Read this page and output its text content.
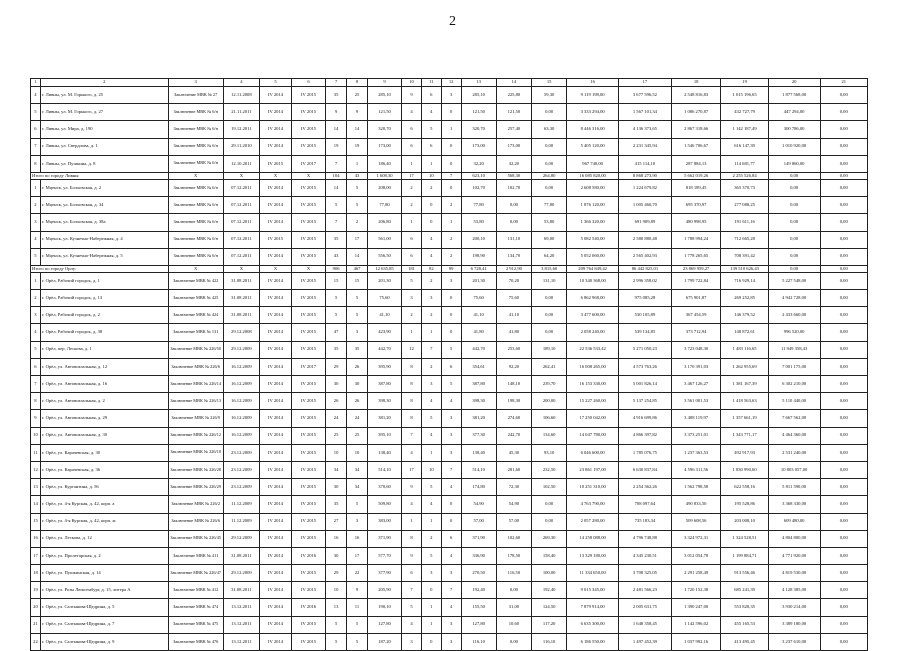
2
1	2	3	4	5	6	7	8	9	10	11	12	13	14	15	16	17	18	19	20	21
4	г. Ливны, ул. М. Горького, д. 25	Заключение МВК № 27	12.11.2008	IV 2014	IV 2015	35	25	285,10	9	6	3	285,10	225,80	59,30	9 119 198,00	3 677 596,52	2 548 816,83	1 015 196,65	1 877 568,00	0,00
5	г. Ливны, ул. М. Горького, д. 27	Заключение МВК № 6/н	21.11.2011	IV 2014	IV 2015	9	9	121,50	4	4	0	121,50	121,50	0,00	3 333 294,00	1 567 101,34	1 086 270,87	432 727,79	447 294,00	0,00
6	г. Ливны, ул. Мира, д. 190	Заключение МВК № 6/н	19.12.2011	IV 2014	IV 2015	14	14	320,70	6	5	1	320,70	257,40	63,30	8 446 316,00	4 136 373,65	2 867 318,66	1 142 187,49	300 786,00	0,00
7	г. Ливны, ул. Свердлова, д. 1	Заключение МВК № 6/н	29.11.2010	IV 2014	IV 2015	19	19	173,00	6	6	0	173,00	173,00	0,00	5 405 120,00	2 231 345,94	1 546 706,67	616 147,39	1 010 920,00	0,00
8	г. Ливны, ул. Пушкина, д. 8	Заключение МВК № 6/н	12.10.2011	IV 2015	IV 2017	7	1	186,40	1	1	0	32,20	32,20	0,00	967 740,00	415 114,10	287 884,13	114 681,77	149 860,00	0,00
Итого по городу Ливны:		X	X	X	X	104	43	1 608,30	17	10	7	623,10	568,30	264,80	16 085 820,00	8 868 273,90	5 662 019,26	2 255 526,84	0,00	0,00
1	г. Мценск, ул. Болховская, д. 2	Заключение МВК № 6/н	07.12.2011	IV 2014	IV 2015	14	5	208,00	2	2	0	102,70	102,70	0,00	2 608 580,00	1 224 679,82	818 189,45	365 370,73	0,00	0,00
2	г. Мценск, ул. Болховская, д. 34	Заключение МВК № 6/н	07.12.2011	IV 2014	IV 2015	5	5	77,80	2	0	2	77,80	0,00	77,80	1 876 120,00	1 005 460,70	695 370,97	277 088,25	0,00	0,00
3	г. Мценск, ул. Болховская, д. 38а	Заключение МВК № 6/н	07.12.2011	IV 2014	IV 2015	7	2	206,80	1	0	1	53,80	0,00	53,80	1 366 320,00	691 909,89	480 998,95	191 611,16	0,00	0,00
4	г. Мценск, ул. Кузнечно-Набережная, д. 4	Заключение МВК № 6/н	07.12.2011	IV 2015	IV 2015	35	17	561,00	6	4	2	200,10	131,10	69,00	5 082 540,00	2 580 880,48	1 788 994,24	712 665,28	0,00	0,00
5	г. Мценск, ул. Кузнечно-Набережная, д. 5	Заключение МВК № 6/н	07.12.2011	IV 2014	IV 2015	43	14	556,50	6	4	2	198,90	134,70	64,20	5 052 060,00	2 565 402,93	1 778 265,65	708 391,42	0,00	0,00
Итого по городу Орлу:		X	X	X	X	906	467	12 635,85	181	82	99	6 728,41	2 912,90	3 815,60	209 764 849,42	86 442 825,01	23 869 959,27	139 510 626,43	0,00	0,00
1	г. Орёл, Рабочий городок, д. 1	Заключение МВК № 422	31.08.2011	IV 2014	IV 2015	15	15	201,30	5	2	3	201,30	70,20	131,10	10 340 368,00	2 996 358,02	1 799 722,84	716 929,14	5 227 548,00	0,00
2	г. Орёл, Рабочий городок, д. 13	Заключение МВК № 425	31.08.2011	IV 2014	IV 2015	5	5	75,60	3	3	0	75,60	75,60	0,00	6 862 968,00	975 085,28	675 901,87	269 252,85	4 942 728,00	0,00
3	г. Орёл, Рабочий городок, д. 2	Заключение МВК № 424	31.08.2011	IV 2014	IV 2015	5	5	41,10	2	2	0	41,10	41,10	0,00	3 477 600,00	530 105,89	367 454,59	146 379,52	2 433 660,00	0,00
4	г. Орёл, Рабочий городок, д. 38	Заключение МВК № 131	29.12.2008	IV 2014	IV 2015	47	3	423,90	1	1	0	41,80	41,80	0,00	2 058 240,00	539 134,85	373 712,94	148 872,61	996 520,00	0,00
5	г. Орёл, пер. Лескова, д. 1	Заключение МВК № 226/50	29.12.2009	IV 2014	IV 2015	35	35	442,70	12	7	5	442,70	253,60	189,10	22 536 533,42	5 271 050,23	3 723 048,30	1 483 116,65	11 949 358,43	0,00
6	г. Орёл, ул. Автовокзальная, д. 12	Заключение МВК № 226/6	16.12.2009	IV 2014	IV 2017	29	26	395,90	8	2	6	354,61	92,20	262,41	16 008 265,00	4 573 763,26	3 170 391,03	1 262 955,69	7 001 175,00	0,00
7	г. Орёл, ул. Автовокзальная, д. 16	Заключение МВК № 226/14	16.12.2009	IV 2014	IV 2015	30	30	387,80	8	3	5	387,80	148,10	239,70	16 153 330,00	5 001 826,14	3 467 126,27	1 381 167,39	6 302 210,00	0,00
8	г. Орёл, ул. Автовокзальная, д. 2	Заключение МВК № 226/13	16.12.2009	IV 2014	IV 2015	26	26	398,30	8	4	4	398,30	198,30	200,00	15 227 260,00	5 137 254,85	3 561 001,53	1 418 563,63	5 110 440,00	0,00
9	г. Орёл, ул. Автовокзальная, д. 29	Заключение МВК № 226/9	16.12.2009	IV 2014	IV 2015	24	24	381,20	8	5	3	381,20	274,60	106,60	17 250 042,00	4 916 699,86	3 408 119,97	1 357 661,19	7 667 562,00	0,00
10	г. Орёл, ул. Автовокзальная, д. 30	Заключение МВК № 226/12	16.12.2009	IV 2014	IV 2015	25	25	395,10	7	4	3	377,30	242,70	134,60	14 047 780,00	4 866 397,82	3 373 251,01	1 343 771,17	4 464 360,00	0,00
11	г. Орёл, ул. Карачевская, д. 30	Заключение МВК № 226/10	23.12.2009	IV 2014	IV 2015	10	10	138,40	4	1	3	138,40	45,30	93,10	6 046 600,00	1 785 076,75	1 237 363,53	492 917,93	2 531 240,00	0,00
12	г. Орёл, ул. Карачевская, д. 36	Заключение МВК № 226/28	23.12.2009	IV 2014	IV 2015	34	34	514,10	17	10	7	514,10	281,60	232,50	23 861 197,00	6 630 837,84	4 596 311,56	1 830 990,60	10 803 057,00	0,00
13	г. Орёл, ул. Кургантина, д. 56	Заключение МВК № 226/29	23.12.2009	IV 2014	IV 2015	30	34	370,60	9	5	4	174,80	72,30	102,50	10 251 310,00	2 254 362,26	1 562 798,58	622 558,16	5 811 590,00	0,00
14	г. Орёл, ул. 4-я Курская, д. 42, корп. а	Заключение МВК № 226/2	11.12.2009	IV 2014	IV 2015	35	5	509,80	4	4	0	54,90	54,90	0,00	4 763 790,00	708 097,64	490 833,50	195 528,86	3 368 330,00	0,00
15	г. Орёл, ул. 4-я Курская, д. 42, корп. ж	Заключение МВК № 226/6	11.12.2009	IV 2014	IV 2015	27	3	383,00	1	1	0	57,00	57,00	0,00	2 057 280,00	735 183,34	509 608,56	203 008,10	609 480,00	0,00
16	г. Орёл, ул. Лескова, д. 12	Заключение МВК № 226/45	29.12.2009	IV 2014	IV 2015	16	16	371,90	8	2	6	371,90	102,60	269,30	14 258 088,00	4 796 748,88	3 324 972,31	1 324 528,51	4 804 800,00	0,00
17	г. Орёл, ул. Пролетарская, д. 2	Заключение МВК № 411	31.08.2011	IV 2014	IV 2016	30	17	577,70	9	5	4	336,90	178,50	158,40	13 329 180,00	4 345 230,51	3 012 054,78	1 199 884,71	4 771 920,00	0,00
18	г. Орёл, ул. Пушкинская, д. 14	Заключение МВК № 226/47	29.12.2009	IV 2014	IV 2015	29	22	377,90	6	3	3	270,50	116,50	100,00	11 334 650,00	3 708 325,05	2 291 258,49	913 556,46	4 819 530,00	0,00
19	г. Орёл, ул. Розы Люксембург, д. 15, литера А	Заключение МВК № 412	31.08.2011	IV 2014	IV 2015	10	9	205,90	7	0	7	192,40	0,00	192,40	9 015 345,00	2 481 566,23	1 720 152,38	685 241,39	4 128 385,00	0,00
20	г. Орёл, ул. Салтыкова-Щедрина, д. 5	Заключение МВК № 474	13.12.2011	IV 2014	IV 2016	13	11	190,10	5	1	4	155,50	31,00	124,50	7 879 914,00	2 005 631,75	1 390 247,00	553 820,35	3 930 214,00	0,00
21	г. Орёл, ул. Салтыкова-Щедрина, д. 7	Заключение МВК № 475	13.12.2011	IV 2014	IV 2015	5	5	127,80	4	1	3	127,80	10,60	117,20	6 635 300,00	1 648 358,45	1 142 596,02	455 165,53	3 389 180,00	0,00
22	г. Орёл, ул. Салтыкова-Щедрина, д. 9	Заключение МВК № 476	13.12.2011	IV 2014	IV 2015	5	5	187,20	3	0	3	116,10	0,00	116,10	6 186 550,00	1 497 452,39	1 037 992,16	413 495,45	3 237 610,00	0,00
